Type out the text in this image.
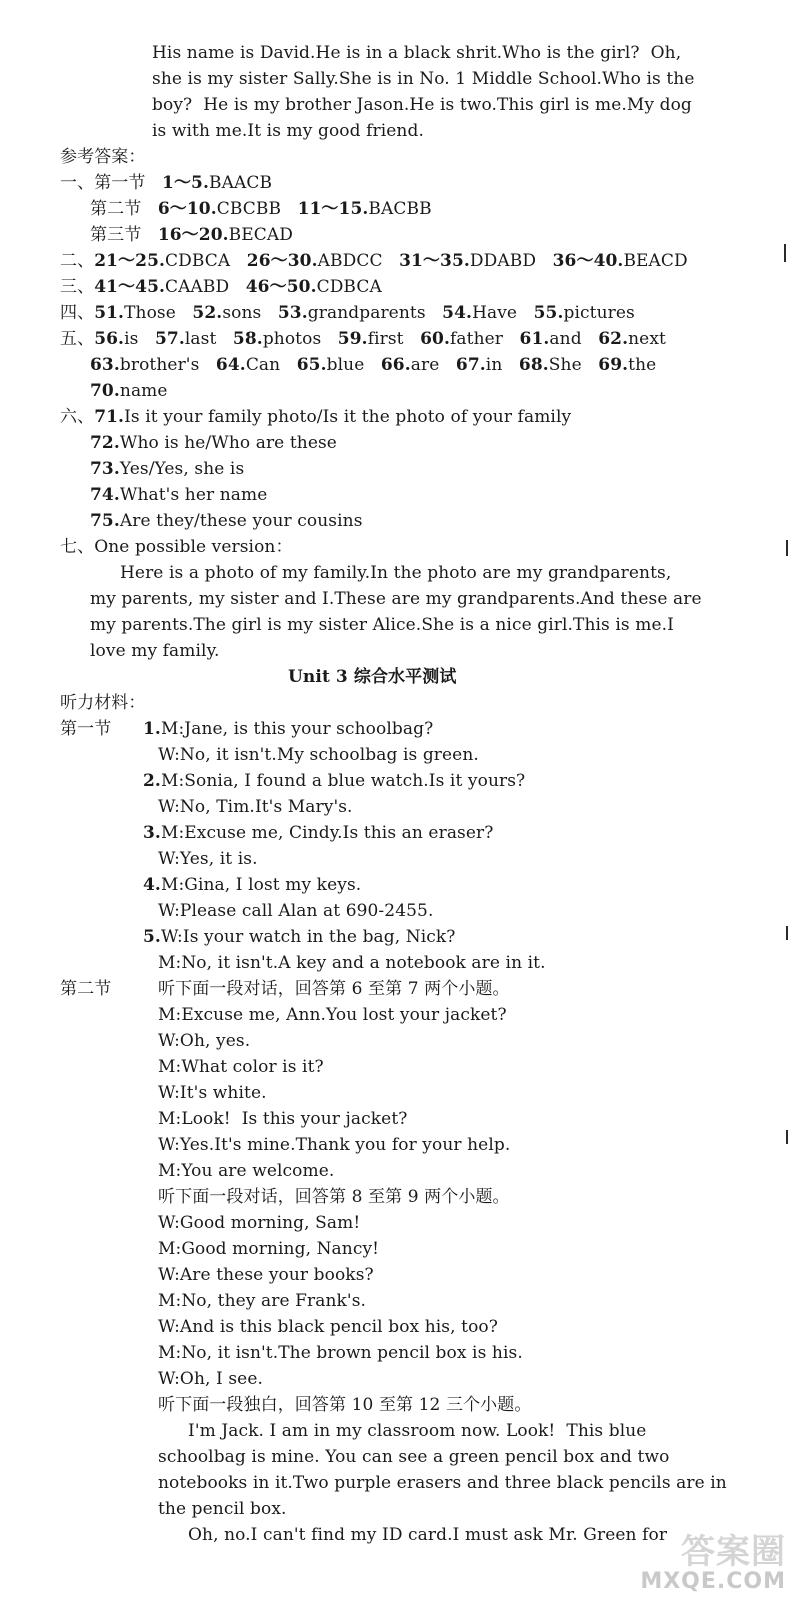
His name is David.He is in a black shrit.Who is the girl?  Oh,
she is my sister Sally.She is in No. 1 Middle School.Who is the
boy?  He is my brother Jason.He is two.This girl is me.My dog
is with me.It is my good friend.
参考答案：
一、第一节 1～5.BAACB
第二节 6～10.CBCBB 11～15.BACBB
第三节 16～20.BECAD
二、21～25.CDBCA 26～30.ABDCC 31～35.DDABD 36～40.BEACD
三、41～45.CAABD 46～50.CDBCA
四、51.Those 52.sons 53.grandparents 54.Have 55.pictures
五、56.is 57.last 58.photos 59.first 60.father 61.and 62.next
63.brother's 64.Can 65.blue 66.are 67.in 68.She 69.the
70.name
六、71.Is it your family photo/Is it the photo of your family
72.Who is he/Who are these
73.Yes/Yes, she is
74.What's her name
75.Are they/these your cousins
七、One possible version：
Here is a photo of my family.In the photo are my grandparents,
my parents, my sister and I.These are my grandparents.And these are
my parents.The girl is my sister Alice.She is a nice girl.This is me.I
love my family.
Unit 3 综合水平测试
听力材料：
第一节 1.M:Jane, is this your schoolbag?
W:No, it isn't.My schoolbag is green.
2.M:Sonia, I found a blue watch.Is it yours?
W:No, Tim.It's Mary's.
3.M:Excuse me, Cindy.Is this an eraser?
W:Yes, it is.
4.M:Gina, I lost my keys.
W:Please call Alan at 690-2455.
5.W:Is your watch in the bag, Nick?
M:No, it isn't.A key and a notebook are in it.
第二节	听下面一段对话，回答第 6 至第 7 两个小题。
M:Excuse me, Ann.You lost your jacket?
W:Oh, yes.
M:What color is it?
W:It's white.
M:Look!  Is this your jacket?
W:Yes.It's mine.Thank you for your help.
M:You are welcome.
听下面一段对话，回答第 8 至第 9 两个小题。
W:Good morning, Sam!
M:Good morning, Nancy!
W:Are these your books?
M:No, they are Frank's.
W:And is this black pencil box his, too?
M:No, it isn't.The brown pencil box is his.
W:Oh, I see.
听下面一段独白，回答第 10 至第 12 三个小题。
I'm Jack. I am in my classroom now. Look!  This blue
schoolbag is mine. You can see a green pencil box and two
notebooks in it.Two purple erasers and three black pencils are in
the pencil box.
Oh, no.I can't find my ID card.I must ask Mr. Green for 答案圈
MXQE.COM
